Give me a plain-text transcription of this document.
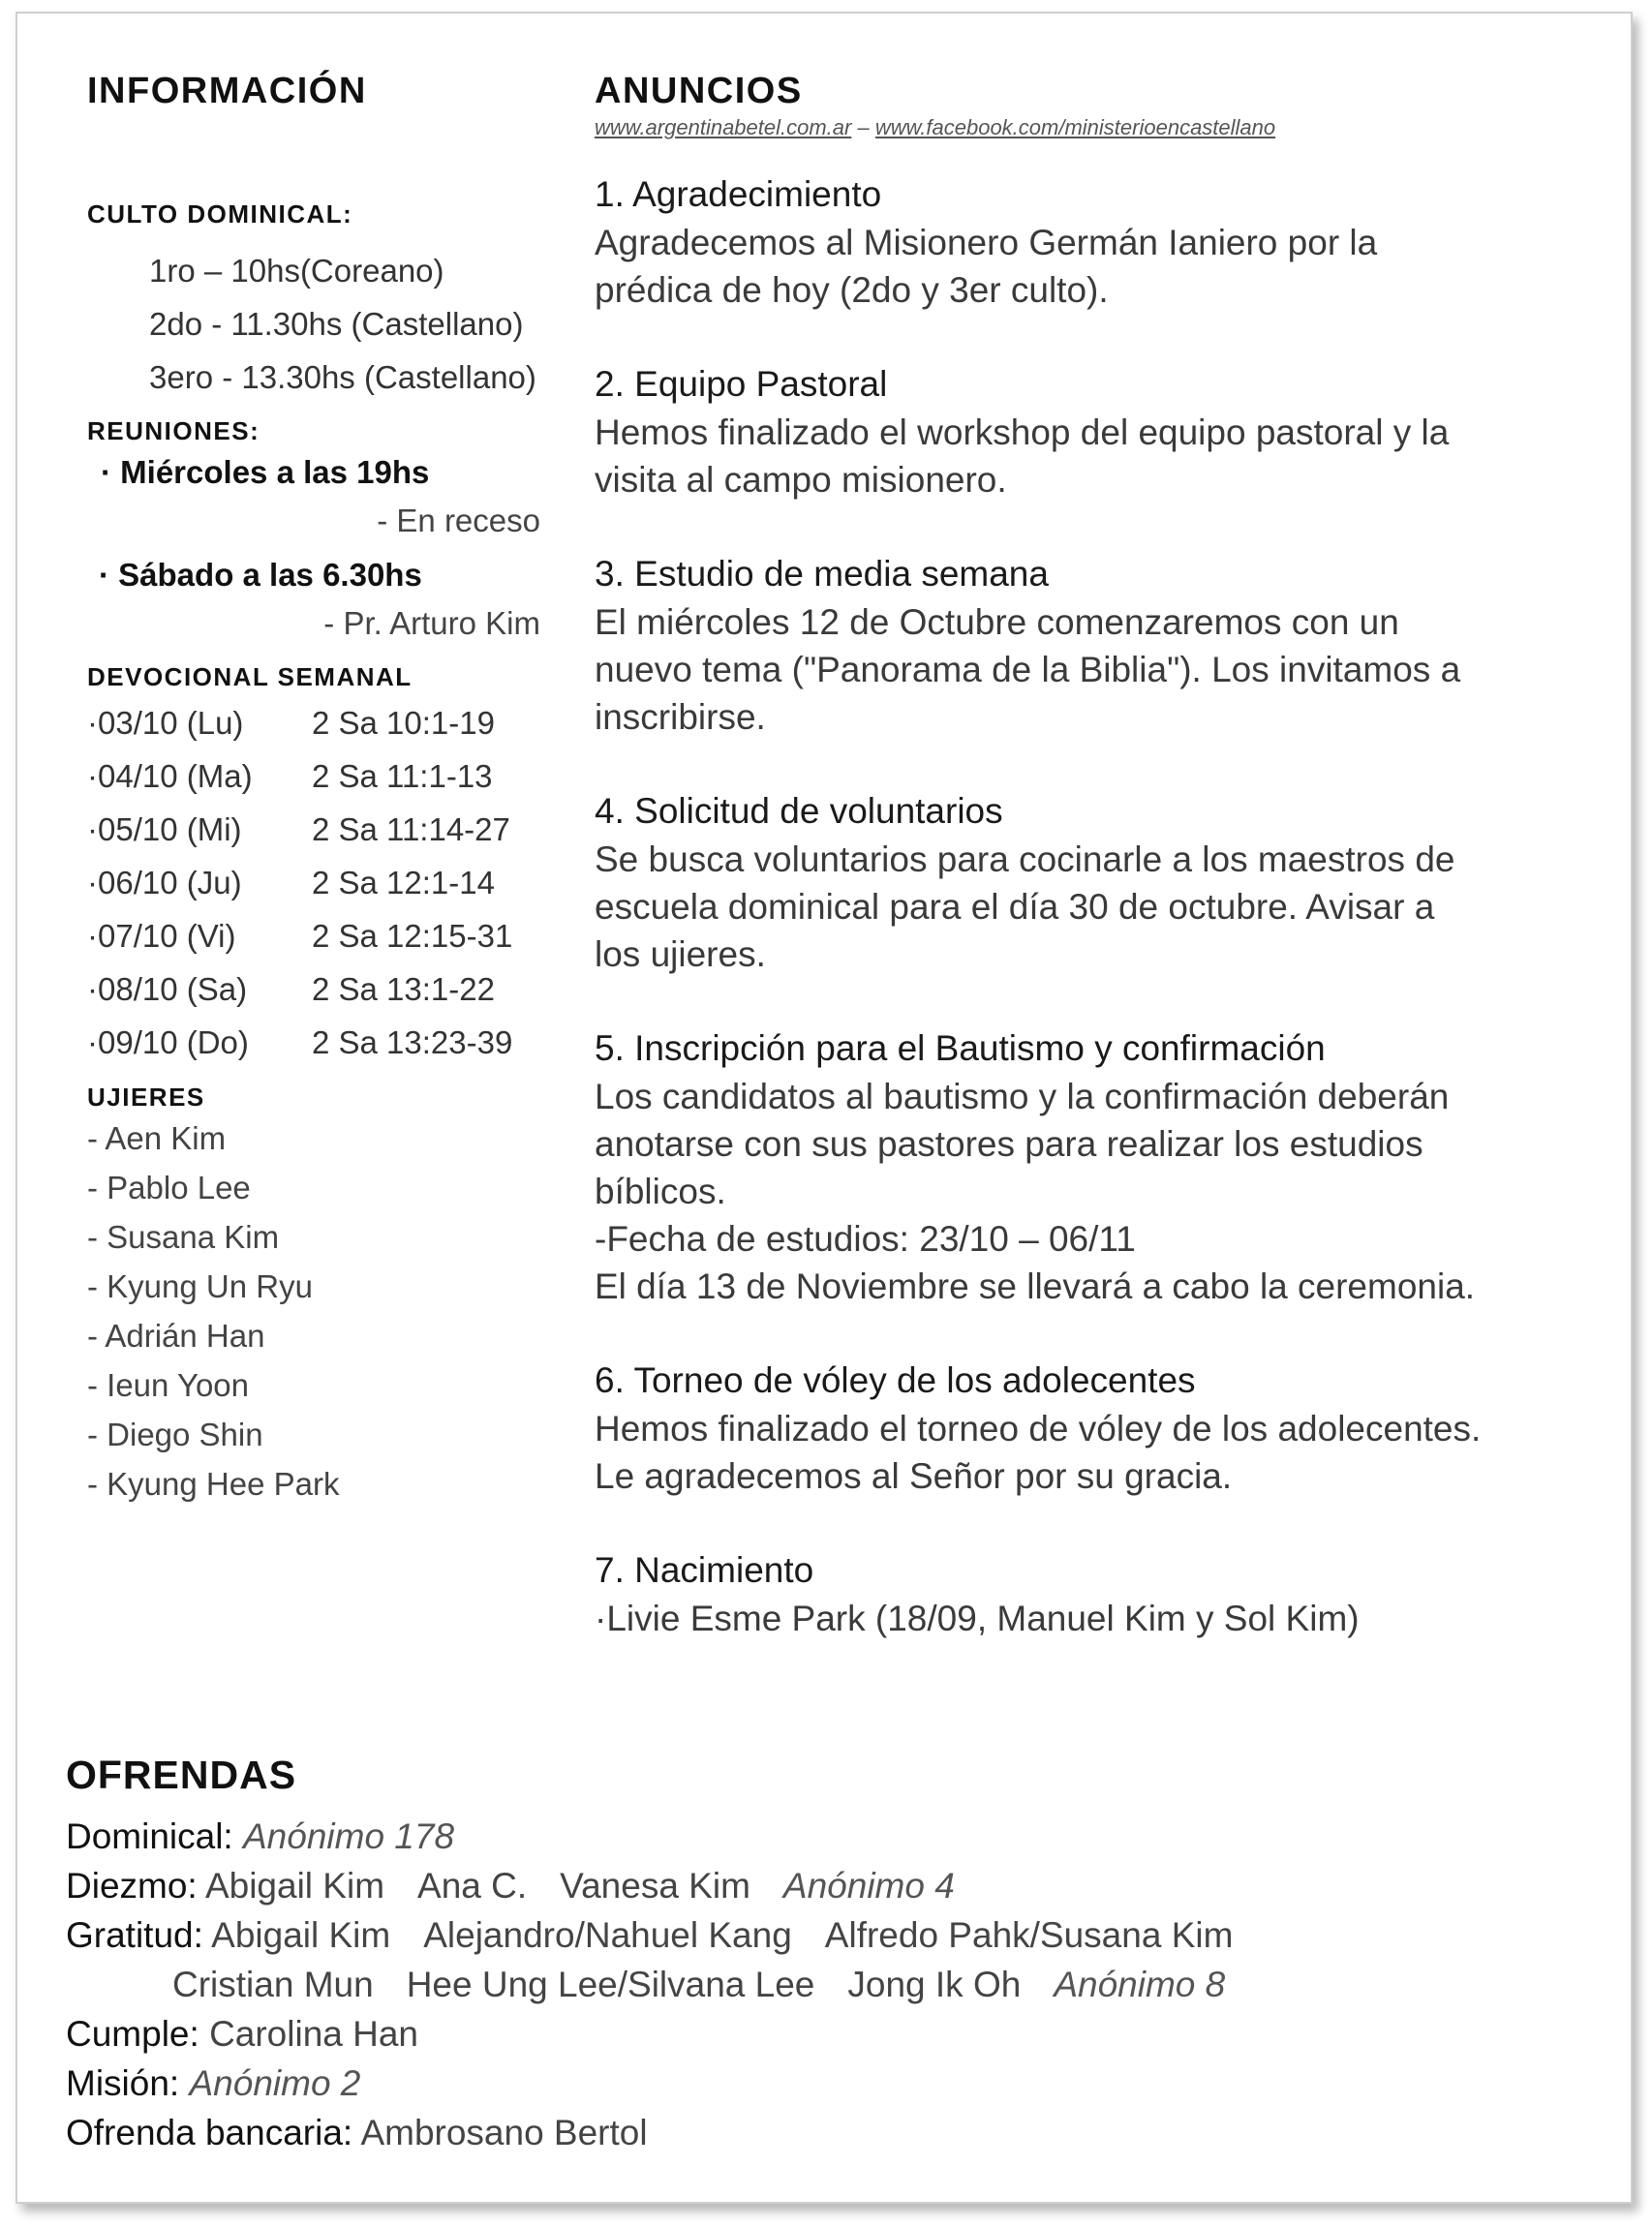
INFORMACIÓN
CULTO DOMINICAL:
1ro – 10hs(Coreano)
2do - 11.30hs (Castellano)
3ero - 13.30hs (Castellano)
REUNIONES:
· Miércoles a las 19hs
- En receso
· Sábado a las 6.30hs
- Pr. Arturo Kim
DEVOCIONAL SEMANAL
·03/10 (Lu)	2 Sa 10:1-19
·04/10 (Ma)	2 Sa 11:1-13
·05/10 (Mi)	2 Sa 11:14-27
·06/10 (Ju)	2 Sa 12:1-14
·07/10 (Vi)	2 Sa 12:15-31
·08/10 (Sa)	2 Sa 13:1-22
·09/10 (Do)	2 Sa 13:23-39
UJIERES
- Aen Kim
- Pablo Lee
- Susana Kim
- Kyung Un Ryu
- Adrián Han
- Ieun Yoon
- Diego Shin
- Kyung Hee Park
ANUNCIOS
www.argentinabetel.com.ar – www.facebook.com/ministerioencastellano
1. Agradecimiento
Agradecemos al Misionero Germán Ianiero por la
prédica de hoy (2do y 3er culto).
2. Equipo Pastoral
Hemos finalizado el workshop del equipo pastoral y la
visita al campo misionero.
3. Estudio de media semana
El miércoles 12 de Octubre comenzaremos con un
nuevo tema ("Panorama de la Biblia"). Los invitamos a
inscribirse.
4. Solicitud de voluntarios
Se busca voluntarios para cocinarle a los maestros de
escuela dominical para el día 30 de octubre. Avisar a
los ujieres.
5. Inscripción para el Bautismo y confirmación
Los candidatos al bautismo y la confirmación deberán
anotarse con sus pastores para realizar los estudios
bíblicos.
-Fecha de estudios: 23/10 – 06/11
El día 13 de Noviembre se llevará a cabo la ceremonia.
6. Torneo de vóley de los adolecentes
Hemos finalizado el torneo de vóley de los adolecentes.
Le agradecemos al Señor por su gracia.
7. Nacimiento
·Livie Esme Park (18/09, Manuel Kim y Sol Kim)
OFRENDAS
Dominical: Anónimo 178
Diezmo: Abigail Kim Ana C. Vanesa Kim Anónimo 4
Gratitud: Abigail Kim Alejandro/Nahuel Kang Alfredo Pahk/Susana Kim
Cristian Mun Hee Ung Lee/Silvana Lee Jong Ik Oh Anónimo 8
Cumple: Carolina Han
Misión: Anónimo 2
Ofrenda bancaria: Ambrosano Bertol
